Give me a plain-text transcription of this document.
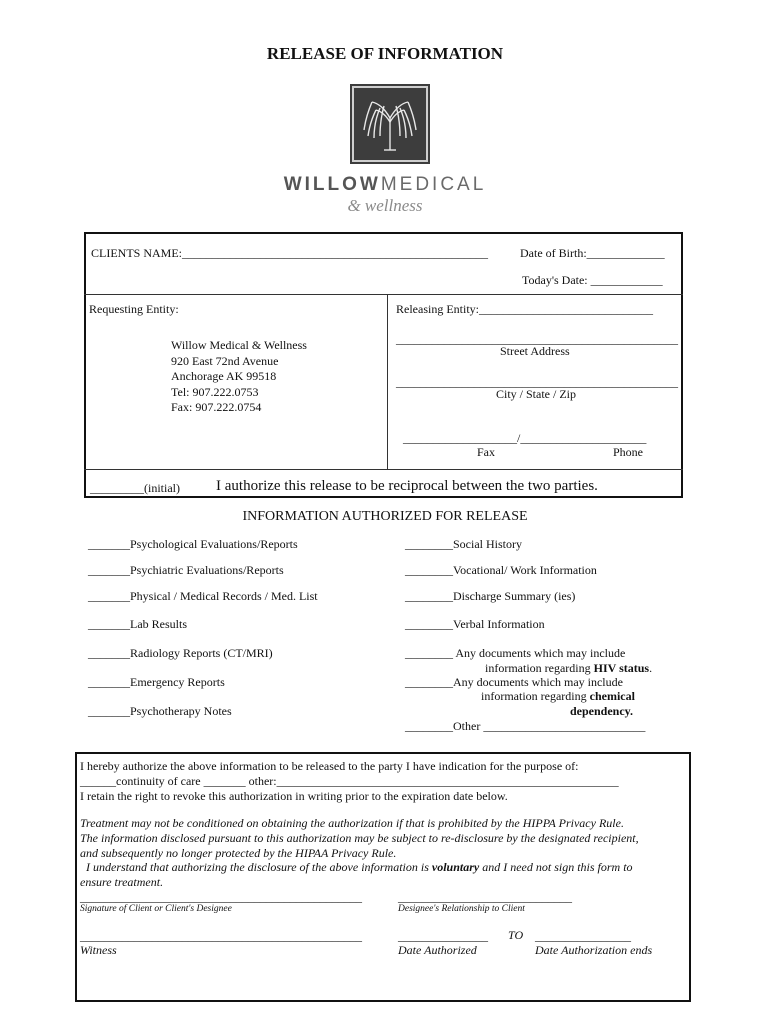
RELEASE OF INFORMATION
WILLOWMEDICAL
& wellness
CLIENTS NAME:___________________________________________________	Date of Birth:_____________
Today's Date: ____________
Requesting Entity:
Willow Medical & Wellness
920 East 72nd Avenue
Anchorage AK 99518
Tel: 907.222.0753
Fax: 907.222.0754
Releasing Entity:_____________________________
_______________________________________________
Street Address
_______________________________________________
City / State / Zip
___________________/_____________________
Fax	Phone
_________(initial) I authorize this release to be reciprocal between the two parties.
INFORMATION AUTHORIZED FOR RELEASE
_______Psychological Evaluations/Reports
_______Psychiatric Evaluations/Reports
_______Physical / Medical Records / Med. List
_______Lab Results
_______Radiology Reports (CT/MRI)
_______Emergency Reports
_______Psychotherapy Notes
________Social History
________Vocational/ Work Information
________Discharge Summary (ies)
________Verbal Information
________ Any documents which may include
information regarding HIV status.
________Any documents which may include
information regarding chemical
dependency.
________Other ___________________________
I hereby authorize the above information to be released to the party I have indication for the purpose of:
______continuity of care _______ other:_________________________________________________________
I retain the right to revoke this authorization in writing prior to the expiration date below.
Treatment may not be conditioned on obtaining the authorization if that is prohibited by the HIPPA Privacy Rule.
The information disclosed pursuant to this authorization may be subject to re-disclosure by the designated recipient,
and subsequently no longer protected by the HIPAA Privacy Rule.
I understand that authorizing the disclosure of the above information is voluntary and I need not sign this form to
ensure treatment.
_______________________________________________
Signature of Client or Client's Designee
_____________________________
Designee's Relationship to Client
_______________________________________________
Witness
_______________ TO ________________
Date Authorized	Date Authorization ends
